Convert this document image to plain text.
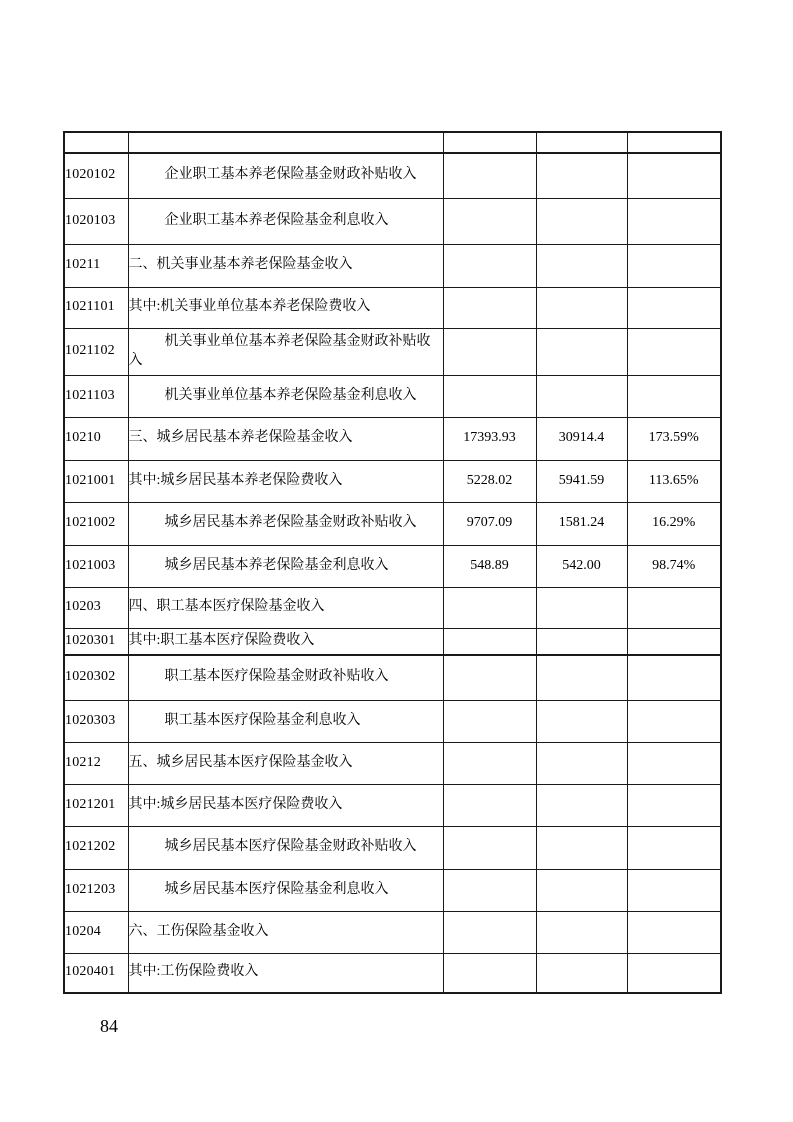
1020102	企业职工基本养老保险基金财政补贴收入			
1020103	企业职工基本养老保险基金利息收入			
10211	二、机关事业基本养老保险基金收入			
1021101	其中:机关事业单位基本养老保险费收入			
1021102	机关事业单位基本养老保险基金财政补贴收入			
1021103	机关事业单位基本养老保险基金利息收入			
10210	三、城乡居民基本养老保险基金收入	17393.93	30914.4	173.59%
1021001	其中:城乡居民基本养老保险费收入	5228.02	5941.59	113.65%
1021002	城乡居民基本养老保险基金财政补贴收入	9707.09	1581.24	16.29%
1021003	城乡居民基本养老保险基金利息收入	548.89	542.00	98.74%
10203	四、职工基本医疗保险基金收入			
1020301	其中:职工基本医疗保险费收入			
1020302	职工基本医疗保险基金财政补贴收入			
1020303	职工基本医疗保险基金利息收入			
10212	五、城乡居民基本医疗保险基金收入			
1021201	其中:城乡居民基本医疗保险费收入			
1021202	城乡居民基本医疗保险基金财政补贴收入			
1021203	城乡居民基本医疗保险基金利息收入			
10204	六、工伤保险基金收入			
1020401	其中:工伤保险费收入			
84
